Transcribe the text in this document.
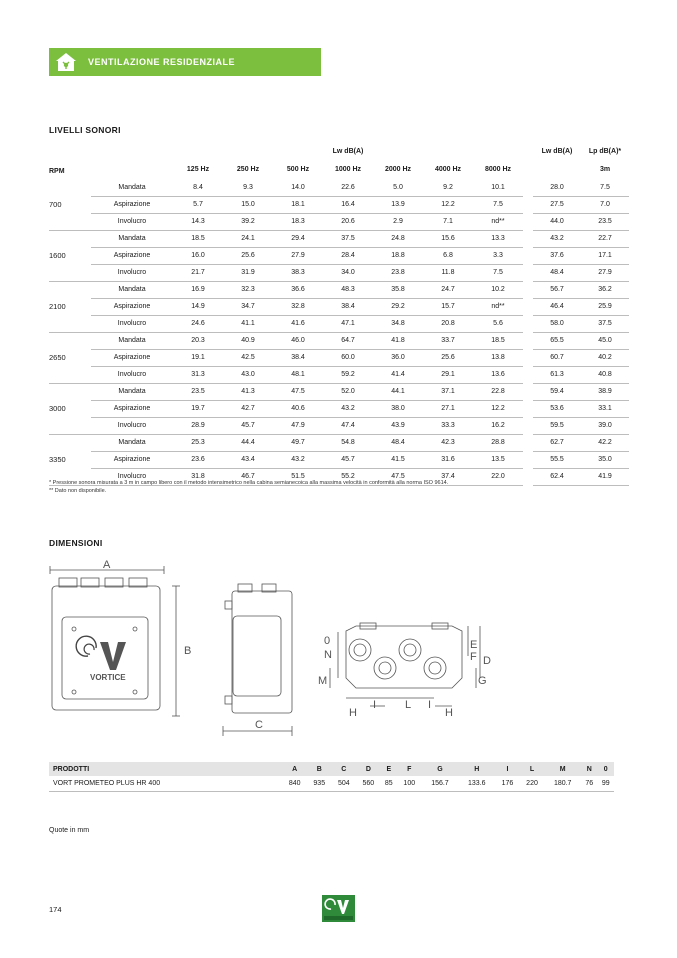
VENTILAZIONE RESIDENZIALE
LIVELLI SONORI
		Lw dB(A)								Lw dB(A)	Lp dB(A)*
RPM		125 Hz	250 Hz	500 Hz	1000 Hz	2000 Hz	4000 Hz	8000 Hz			3m
	Mandata	8.4	9.3	14.0	22.6	5.0	9.2	10.1		28.0	7.5
700	Aspirazione	5.7	15.0	18.1	16.4	13.9	12.2	7.5		27.5	7.0
	Involucro	14.3	39.2	18.3	20.6	2.9	7.1	nd**		44.0	23.5
	Mandata	18.5	24.1	29.4	37.5	24.8	15.6	13.3		43.2	22.7
1600	Aspirazione	16.0	25.6	27.9	28.4	18.8	6.8	3.3		37.6	17.1
	Involucro	21.7	31.9	38.3	34.0	23.8	11.8	7.5		48.4	27.9
	Mandata	16.9	32.3	36.6	48.3	35.8	24.7	10.2		56.7	36.2
2100	Aspirazione	14.9	34.7	32.8	38.4	29.2	15.7	nd**		46.4	25.9
	Involucro	24.6	41.1	41.6	47.1	34.8	20.8	5.6		58.0	37.5
	Mandata	20.3	40.9	46.0	64.7	41.8	33.7	18.5		65.5	45.0
2650	Aspirazione	19.1	42.5	38.4	60.0	36.0	25.6	13.8		60.7	40.2
	Involucro	31.3	43.0	48.1	59.2	41.4	29.1	13.6		61.3	40.8
	Mandata	23.5	41.3	47.5	52.0	44.1	37.1	22.8		59.4	38.9
3000	Aspirazione	19.7	42.7	40.6	43.2	38.0	27.1	12.2		53.6	33.1
	Involucro	28.9	45.7	47.9	47.4	43.9	33.3	16.2		59.5	39.0
	Mandata	25.3	44.4	49.7	54.8	48.4	42.3	28.8		62.7	42.2
3350	Aspirazione	23.6	43.4	43.2	45.7	41.5	31.6	13.5		55.5	35.0
	Involucro	31.8	46.7	51.5	55.2	47.5	37.4	22.0		62.4	41.9
* Pressione sonora misurata a 3 m in campo libero con il metodo intensimetrico nella cabina semianecoica alla massima velocità in conformità alla norma ISO 9614.
** Dato non disponibile.
DIMENSIONI
A
B
C
D
E
F
G
H	H
I	L I
M
N
0
VORTICE
PRODOTTI	A	B	C	D	E	F	G	H	I	L	M	N	0
VORT PROMETEO PLUS HR 400	840	935	504	560	85	100	156.7	133.6	176	220	180.7	76	99
Quote in mm
174
